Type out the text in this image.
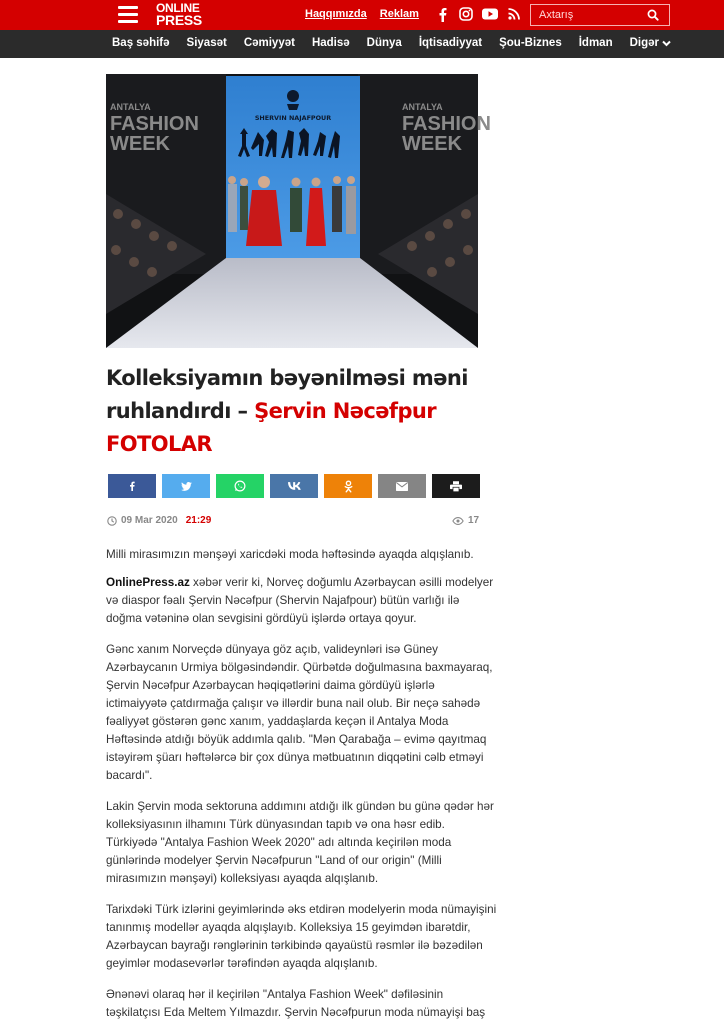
ONLINE
PRESS	Haqqımızda Reklam
Axtarış
Baş səhifə Siyasət Cəmiyyət Hadisə Dünya İqtisadiyyat Şou-Biznes İdman Digər
SHERVIN NAJAFPOUR
ANTALYA
FASHION
WEEK
ANTALYA
FASHION
WEEK
Kolleksiyamın bəyənilməsi məni ruhlandırdı – Şervin Nəcəfpur
FOTOLAR
09 Mar 2020 21:29	17

Milli mirasımızın mənşəyi xaricdəki moda həftəsində ayaqda alqışlanıb.

OnlinePress.az xəbər verir ki, Norveç doğumlu Azərbaycan əsilli modelyer və diaspor fəalı Şervin Nəcəfpur (Shervin Najafpour) bütün varlığı ilə doğma vətəninə olan sevgisini gördüyü işlərdə ortaya qoyur.

Gənc xanım Norveçdə dünyaya göz açıb, valideynləri isə Güney Azərbaycanın Urmiya bölgəsindəndir. Qürbətdə doğulmasına baxmayaraq, Şervin Nəcəfpur Azərbaycan həqiqətlərini daima gördüyü işlərlə ictimaiyyətə çatdırmağa çalışır və illərdir buna nail olub. Bir neçə sahədə fəaliyyət göstərən gənc xanım, yaddaşlarda keçən il Antalya Moda Həftəsində atdığı böyük addımla qalıb. "Mən Qarabağa – evimə qayıtmaq istəyirəm şüarı həftələrcə bir çox dünya mətbuatının diqqətini cəlb etməyi bacardı".

Lakin Şervin moda sektoruna addımını atdığı ilk gündən bu günə qədər hər kolleksiyasının ilhamını Türk dünyasından tapıb və ona həsr edib. Türkiyədə "Antalya Fashion Week 2020" adı altında keçirilən moda günlərində modelyer Şervin Nəcəfpurun "Land of our origin" (Milli mirasımızın mənşəyi) kolleksiyası ayaqda alqışlanıb.

Tarixdəki Türk izlərini geyimlərində əks etdirən modelyerin moda nümayişini tanınmış modellər ayaqda alqışlayıb. Kolleksiya 15 geyimdən ibarətdir, Azərbaycan bayrağı rənglərinin tərkibində qayaüstü rəsmlər ilə bəzədilən geyimlər modasevərlər tərəfindən ayaqda alqışlanıb.

Ənənəvi olaraq hər il keçirilən "Antalya Fashion Week" dəfiləsinin təşkilatçısı Eda Meltem Yılmazdır. Şervin Nəcəfpurun moda nümayişi baş
